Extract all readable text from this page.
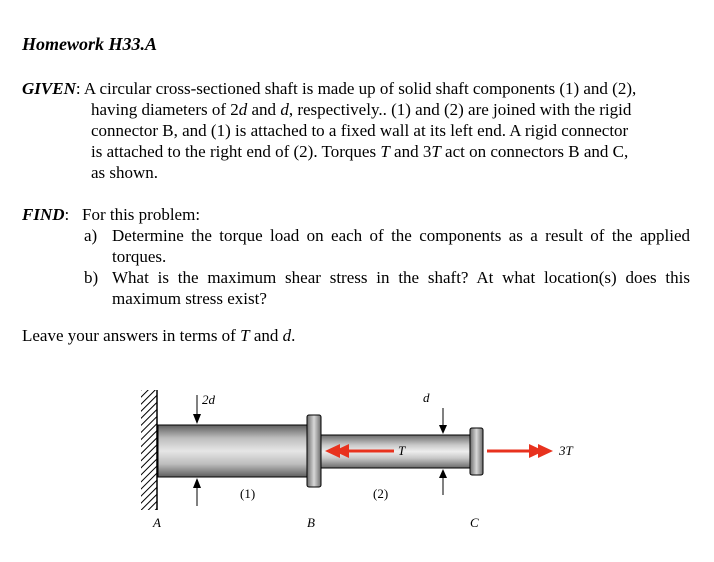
Homework H33.A
GIVEN: A circular cross-sectioned shaft is made up of solid shaft components (1) and (2),
having diameters of 2d and d, respectively.. (1) and (2) are joined with the rigid
connector B, and (1) is attached to a fixed wall at its left end. A rigid connector
is attached to the right end of (2). Torques T and 3T act on connectors B and C,
as shown.
FIND:   For this problem:
a) Determine the torque load on each of the components as a result of the applied torques.
b) What is the maximum shear stress in the shaft? At what location(s) does this maximum stress exist?
Leave your answers in terms of T and d.
2d	d
T	3T
(1)	(2)
A	B	C
